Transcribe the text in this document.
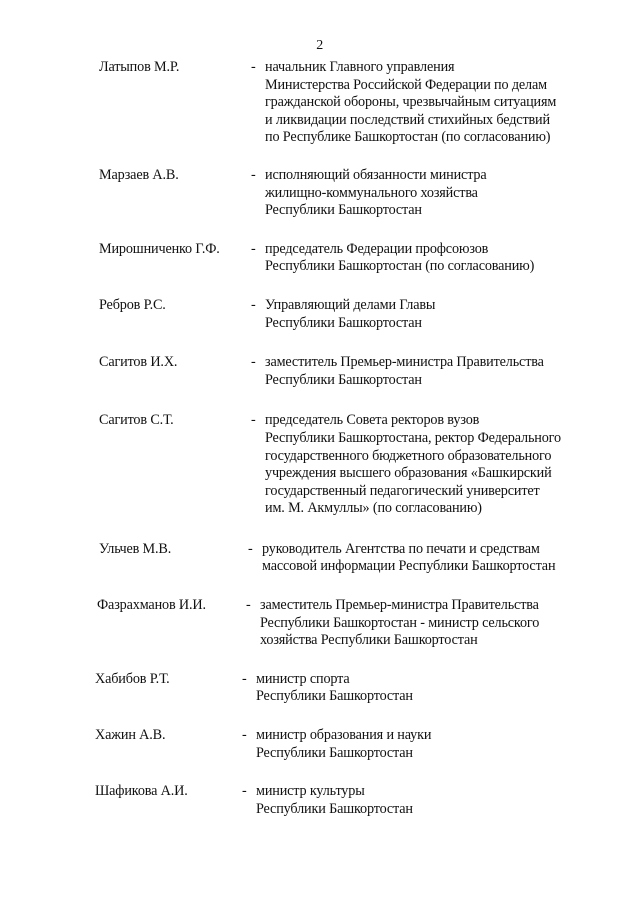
2
Латыпов М.Р.	- начальник Главного управления
Министерства Российской Федерации по делам
гражданской обороны, чрезвычайным ситуациям
и ликвидации последствий стихийных бедствий
по Республике Башкортостан (по согласованию)
Марзаев А.В.	- исполняющий обязанности министра
жилищно-коммунального хозяйства
Республики Башкортостан
Мирошниченко Г.Ф.	- председатель Федерации профсоюзов
Республики Башкортостан (по согласованию)
Ребров Р.С.	- Управляющий делами Главы
Республики Башкортостан
Сагитов И.Х.	- заместитель Премьер-министра Правительства
Республики Башкортостан
Сагитов С.Т.	- председатель Совета ректоров вузов
Республики Башкортостана, ректор Федерального
государственного бюджетного образовательного
учреждения высшего образования «Башкирский
государственный педагогический университет
им. М. Акмуллы» (по согласованию)
Ульчев М.В.	- руководитель Агентства по печати и средствам
массовой информации Республики Башкортостан
Фазрахманов И.И.	- заместитель Премьер-министра Правительства
Республики Башкортостан - министр сельского
хозяйства Республики Башкортостан
Хабибов Р.Т.	- министр спорта
Республики Башкортостан
Хажин А.В.	- министр образования и науки
Республики Башкортостан
Шафикова А.И.	- министр культуры
Республики Башкортостан
